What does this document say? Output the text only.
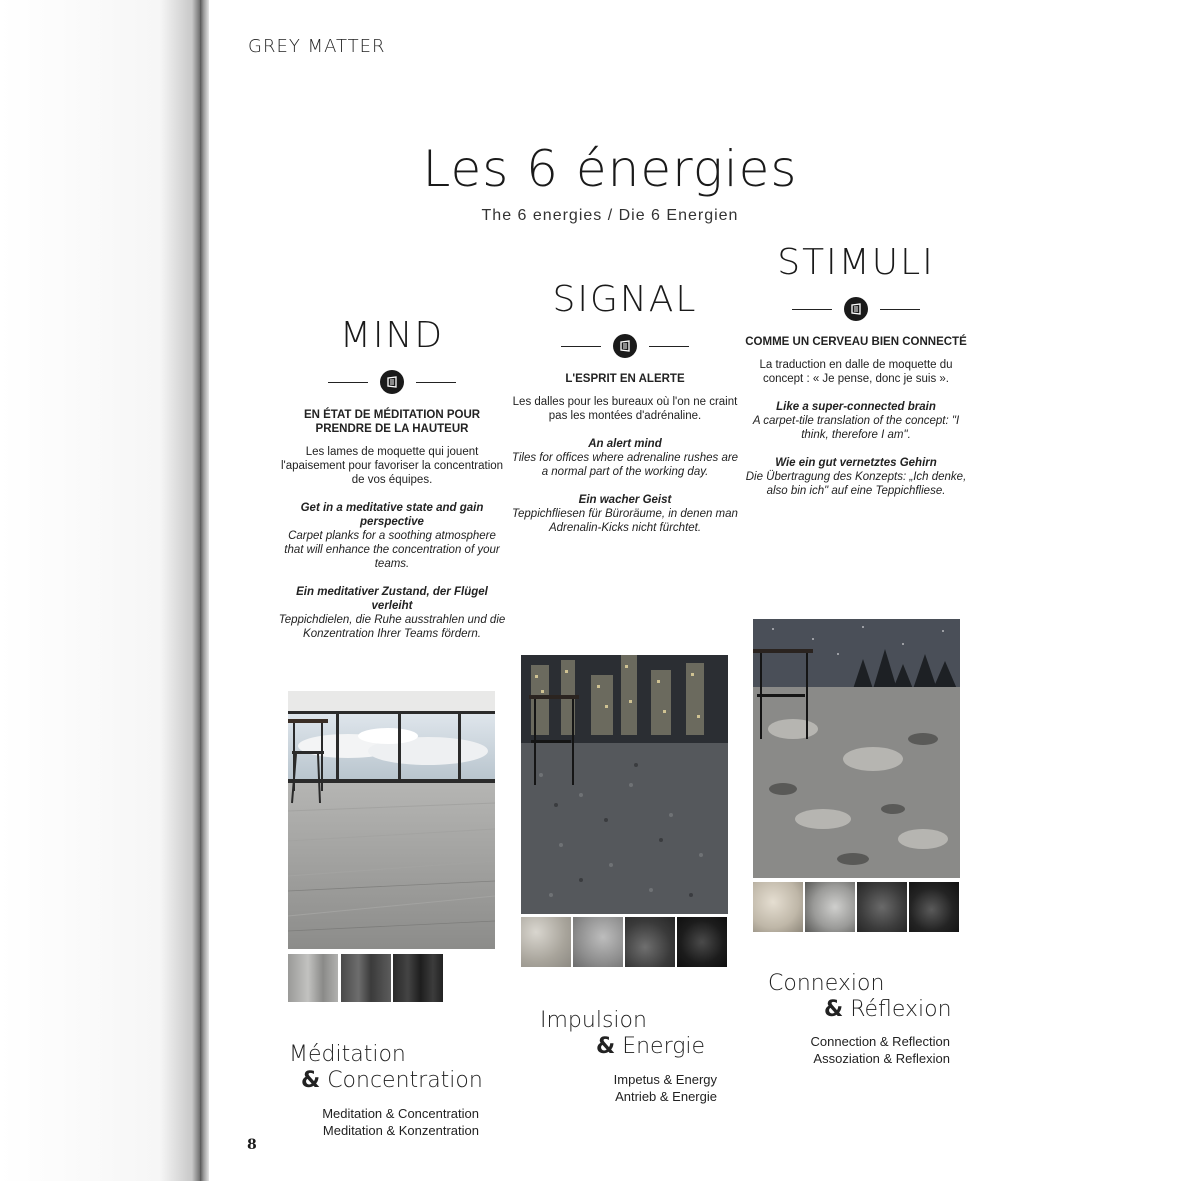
GREY MATTER
Les 6 énergies
The 6 energies / Die 6 Energien
MIND
EN ÉTAT DE MÉDITATION POUR PRENDRE DE LA HAUTEUR
Les lames de moquette qui jouent l'apaisement pour favoriser la concentration de vos équipes.
Get in a meditative state and gain perspective
Carpet planks for a soothing atmosphere that will enhance the concentration of your teams.
Ein meditativer Zustand, der Flügel verleiht
Teppichdielen, die Ruhe ausstrahlen und die Konzentration Ihrer Teams fördern.
SIGNAL
L'ESPRIT EN ALERTE
Les dalles pour les bureaux où l'on ne craint pas les montées d'adrénaline.
An alert mind
Tiles for offices where adrenaline rushes are a normal part of the working day.
Ein wacher Geist
Teppichfliesen für Büroräume, in denen man Adrenalin-Kicks nicht fürchtet.
STIMULI
COMME UN CERVEAU BIEN CONNECTÉ
La traduction en dalle de moquette du concept : « Je pense, donc je suis ».
Like a super-connected brain
A carpet-tile translation of the concept: "I think, therefore I am".
Wie ein gut vernetztes Gehirn
Die Übertragung des Konzepts: „Ich denke, also bin ich" auf eine Teppichfliese.
Méditation
& Concentration
Meditation & Concentration
Meditation & Konzentration
Impulsion
& Energie
Impetus & Energy
Antrieb & Energie
Connexion
& Réflexion
Connection & Reflection
Assoziation & Reflexion
8
